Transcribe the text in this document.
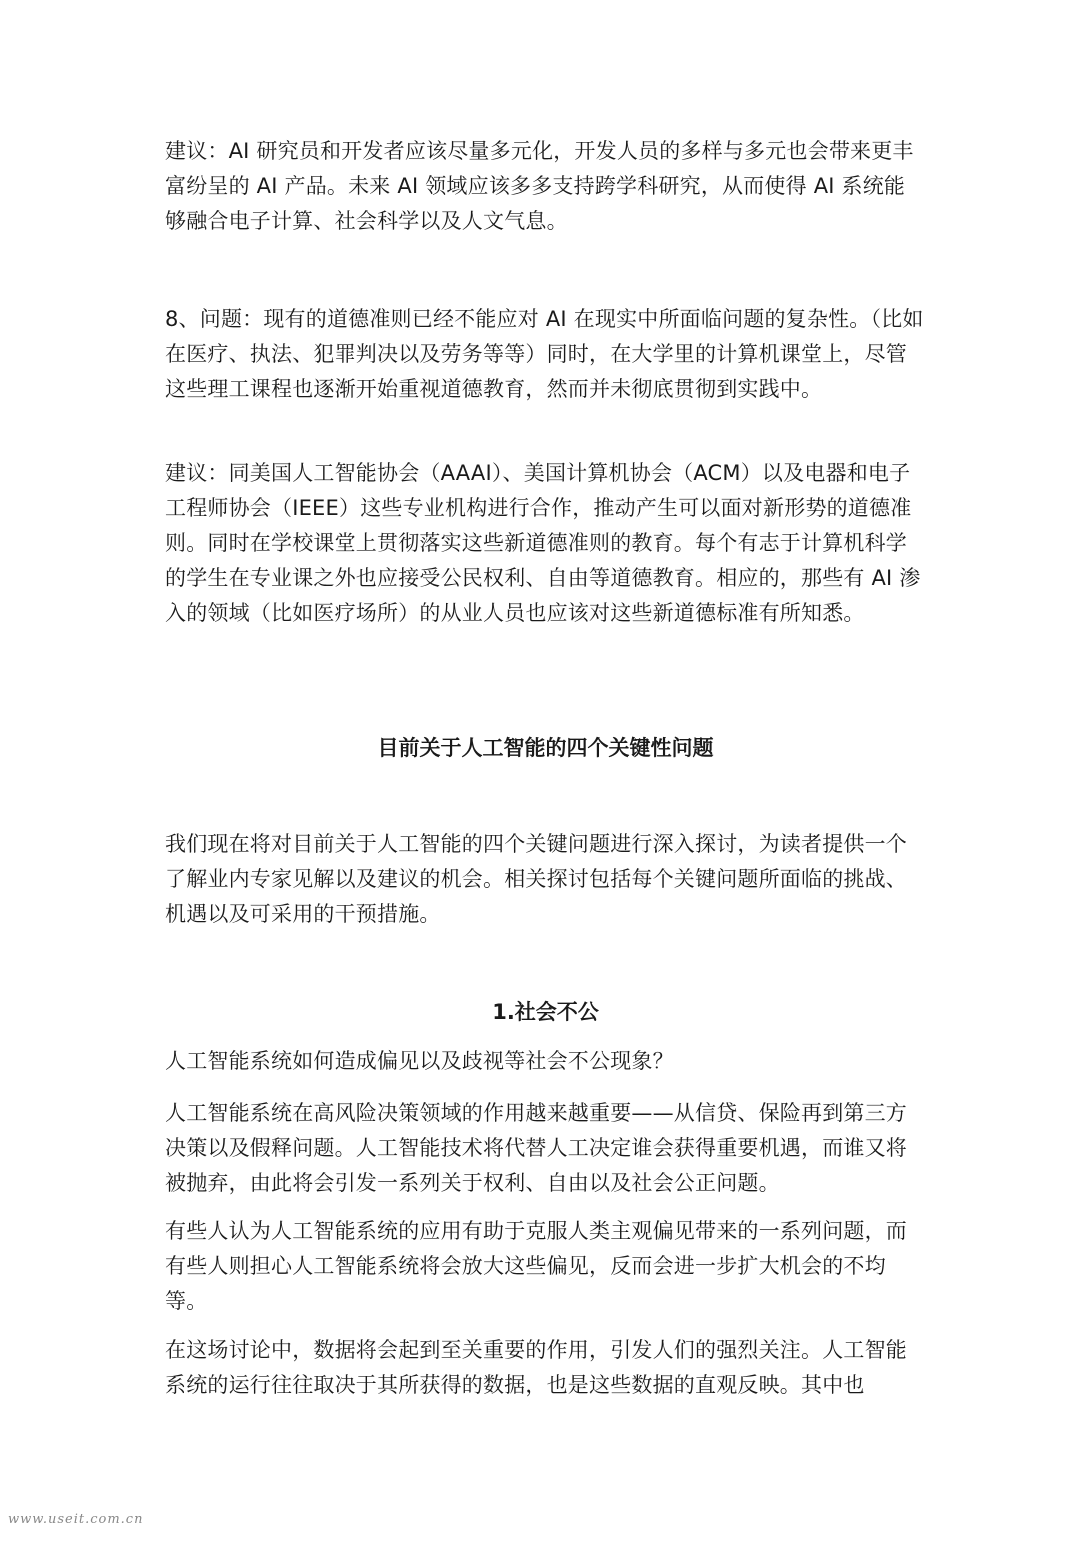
建议：AI 研究员和开发者应该尽量多元化，开发人员的多样与多元也会带来更丰富纷呈的 AI 产品。未来 AI 领域应该多多支持跨学科研究，从而使得 AI 系统能够融合电子计算、社会科学以及人文气息。

8、问题：现有的道德准则已经不能应对 AI 在现实中所面临问题的复杂性。（比如在医疗、执法、犯罪判决以及劳务等等）同时，在大学里的计算机课堂上，尽管这些理工课程也逐渐开始重视道德教育，然而并未彻底贯彻到实践中。

建议：同美国人工智能协会（AAAI）、美国计算机协会（ACM）以及电器和电子工程师协会（IEEE）这些专业机构进行合作，推动产生可以面对新形势的道德准则。同时在学校课堂上贯彻落实这些新道德准则的教育。每个有志于计算机科学的学生在专业课之外也应接受公民权利、自由等道德教育。相应的，那些有 AI 渗入的领域（比如医疗场所）的从业人员也应该对这些新道德标准有所知悉。

目前关于人工智能的四个关键性问题

我们现在将对目前关于人工智能的四个关键问题进行深入探讨，为读者提供一个了解业内专家见解以及建议的机会。相关探讨包括每个关键问题所面临的挑战、机遇以及可采用的干预措施。

1.社会不公

人工智能系统如何造成偏见以及歧视等社会不公现象？

人工智能系统在高风险决策领域的作用越来越重要——从信贷、保险再到第三方决策以及假释问题。人工智能技术将代替人工决定谁会获得重要机遇，而谁又将被抛弃，由此将会引发一系列关于权利、自由以及社会公正问题。

有些人认为人工智能系统的应用有助于克服人类主观偏见带来的一系列问题，而有些人则担心人工智能系统将会放大这些偏见，反而会进一步扩大机会的不均等。

在这场讨论中，数据将会起到至关重要的作用，引发人们的强烈关注。人工智能系统的运行往往取决于其所获得的数据，也是这些数据的直观反映。其中也

www.useit.com.cn
